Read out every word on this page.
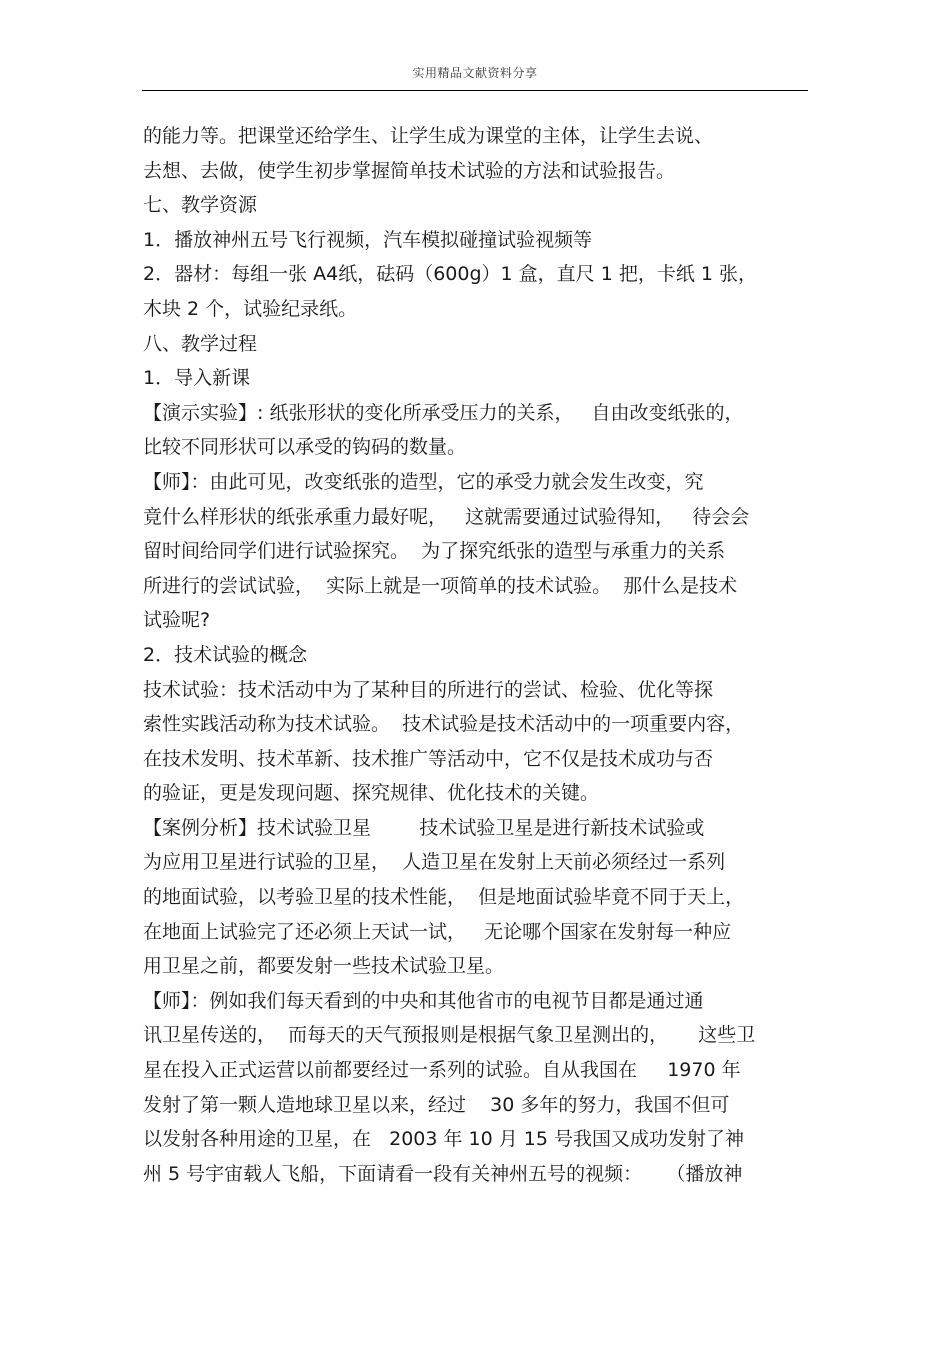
实用精品文献资料分享
的能力等。把课堂还给学生、让学生成为课堂的主体，让学生去说、
去想、去做，使学生初步掌握简单技术试验的方法和试验报告。
七、教学资源
1．播放神州五号飞行视频，汽车模拟碰撞试验视频等
2．器材：每组一张 A4纸，砝码（600g）1 盒，直尺 1 把，卡纸 1 张，
木块 2 个，试验纪录纸。
八、教学过程
1．导入新课
【演示实验】: 纸张形状的变化所承受压力的关系，   自由改变纸张的，
比较不同形状可以承受的钩码的数量。
【师】：由此可见，改变纸张的造型，它的承受力就会发生改变，究
竟什么样形状的纸张承重力最好呢，   这就需要通过试验得知，   待会会
留时间给同学们进行试验探究。  为了探究纸张的造型与承重力的关系
所进行的尝试试验，  实际上就是一项简单的技术试验。  那什么是技术
试验呢?
2．技术试验的概念
技术试验：技术活动中为了某种目的所进行的尝试、检验、优化等探
索性实践活动称为技术试验。  技术试验是技术活动中的一项重要内容，
在技术发明、技术革新、技术推广等活动中，它不仅是技术成功与否
的验证，更是发现问题、探究规律、优化技术的关键。
【案例分析】技术试验卫星        技术试验卫星是进行新技术试验或
为应用卫星进行试验的卫星，  人造卫星在发射上天前必须经过一系列
的地面试验，以考验卫星的技术性能，  但是地面试验毕竟不同于天上，
在地面上试验完了还必须上天试一试，   无论哪个国家在发射每一种应
用卫星之前，都要发射一些技术试验卫星。
【师】：例如我们每天看到的中央和其他省市的电视节目都是通过通
讯卫星传送的，  而每天的天气预报则是根据气象卫星测出的，     这些卫
星在投入正式运营以前都要经过一系列的试验。自从我国在     1970 年
发射了第一颗人造地球卫星以来，经过    30 多年的努力，我国不但可
以发射各种用途的卫星，在   2003 年 10 月 15 号我国又成功发射了神
州 5 号宇宙载人飞船，下面请看一段有关神州五号的视频：    （播放神
